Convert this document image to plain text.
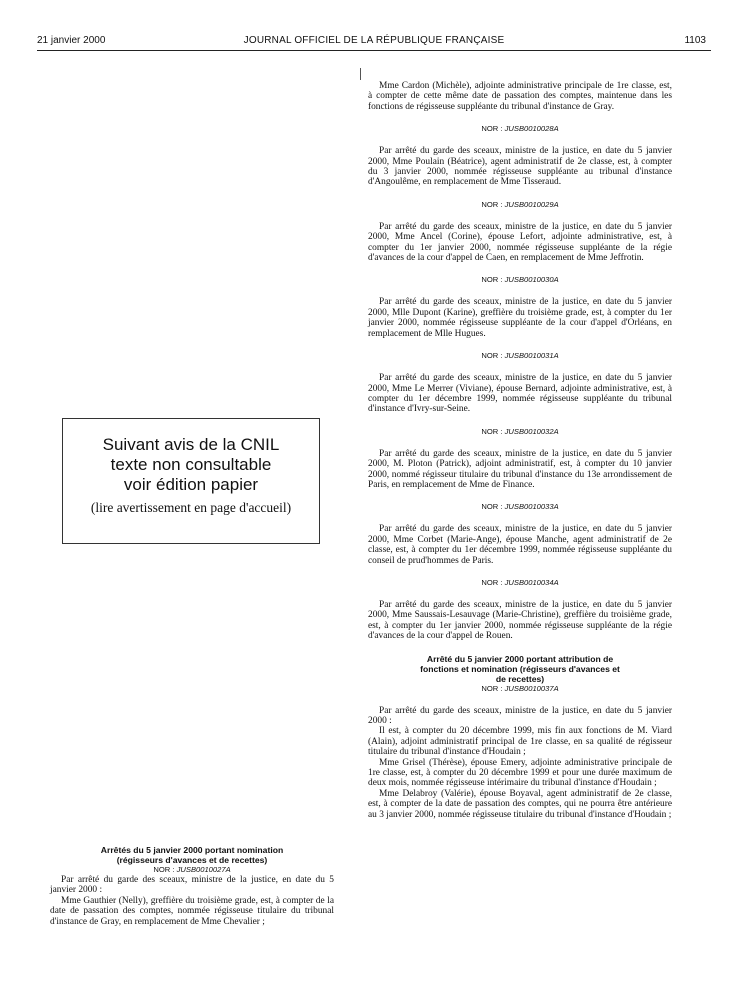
21 janvier 2000	JOURNAL OFFICIEL DE LA RÉPUBLIQUE FRANÇAISE	1103

Suivant avis de la CNIL

texte non consultable

voir édition papier

(lire avertissement en page d'accueil)

Arrêtés du 5 janvier 2000 portant nomination

(régisseurs d'avances et de recettes)

NOR : JUSB0010027A

Par arrêté du garde des sceaux, ministre de la justice, en date du 5 janvier 2000 :

Mme Gauthier (Nelly), greffière du troisième grade, est, à compter de la date de passation des comptes, nommée régisseuse titulaire du tribunal d'instance de Gray, en remplacement de Mme Chevalier ;

Mme Cardon (Michèle), adjointe administrative principale de 1re classe, est, à compter de cette même date de passation des comptes, maintenue dans les fonctions de régisseuse suppléante du tribunal d'instance de Gray.

NOR : JUSB0010028A

Par arrêté du garde des sceaux, ministre de la justice, en date du 5 janvier 2000, Mme Poulain (Béatrice), agent administratif de 2e classe, est, à compter du 3 janvier 2000, nommée régisseuse suppléante au tribunal d'instance d'Angoulême, en remplacement de Mme Tisseraud.

NOR : JUSB0010029A

Par arrêté du garde des sceaux, ministre de la justice, en date du 5 janvier 2000, Mme Ancel (Corine), épouse Lefort, adjointe administrative, est, à compter du 1er janvier 2000, nommée régisseuse suppléante de la régie d'avances de la cour d'appel de Caen, en remplacement de Mme Jeffrotin.

NOR : JUSB0010030A

Par arrêté du garde des sceaux, ministre de la justice, en date du 5 janvier 2000, Mlle Dupont (Karine), greffière du troisième grade, est, à compter du 1er janvier 2000, nommée régisseuse suppléante de la cour d'appel d'Orléans, en remplacement de Mlle Hugues.

NOR : JUSB0010031A

Par arrêté du garde des sceaux, ministre de la justice, en date du 5 janvier 2000, Mme Le Merrer (Viviane), épouse Bernard, adjointe administrative, est, à compter du 1er décembre 1999, nommée régisseuse suppléante du tribunal d'instance d'Ivry-sur-Seine.

NOR : JUSB0010032A

Par arrêté du garde des sceaux, ministre de la justice, en date du 5 janvier 2000, M. Ploton (Patrick), adjoint administratif, est, à compter du 10 janvier 2000, nommé régisseur titulaire du tribunal d'instance du 13e arrondissement de Paris, en remplacement de Mme de Finance.

NOR : JUSB0010033A

Par arrêté du garde des sceaux, ministre de la justice, en date du 5 janvier 2000, Mme Corbet (Marie-Ange), épouse Manche, agent administratif de 2e classe, est, à compter du 1er décembre 1999, nommée régisseuse suppléante du conseil de prud'hommes de Paris.

NOR : JUSB0010034A

Par arrêté du garde des sceaux, ministre de la justice, en date du 5 janvier 2000, Mme Saussais-Lesauvage (Marie-Christine), greffière du troisième grade, est, à compter du 1er janvier 2000, nommée régisseuse suppléante de la régie d'avances de la cour d'appel de Rouen.

Arrêté du 5 janvier 2000 portant attribution de

fonctions et nomination (régisseurs d'avances et

de recettes)

NOR : JUSB0010037A

Par arrêté du garde des sceaux, ministre de la justice, en date du 5 janvier 2000 :

Il est, à compter du 20 décembre 1999, mis fin aux fonctions de M. Viard (Alain), adjoint administratif principal de 1re classe, en sa qualité de régisseur titulaire du tribunal d'instance d'Houdain ;

Mme Grisel (Thérèse), épouse Emery, adjointe administrative principale de 1re classe, est, à compter du 20 décembre 1999 et pour une durée maximum de deux mois, nommée régisseuse intérimaire du tribunal d'instance d'Houdain ;

Mme Delabroy (Valérie), épouse Boyaval, agent administratif de 2e classe, est, à compter de la date de passation des comptes, qui ne pourra être antérieure au 3 janvier 2000, nommée régisseuse titulaire du tribunal d'instance d'Houdain ;
